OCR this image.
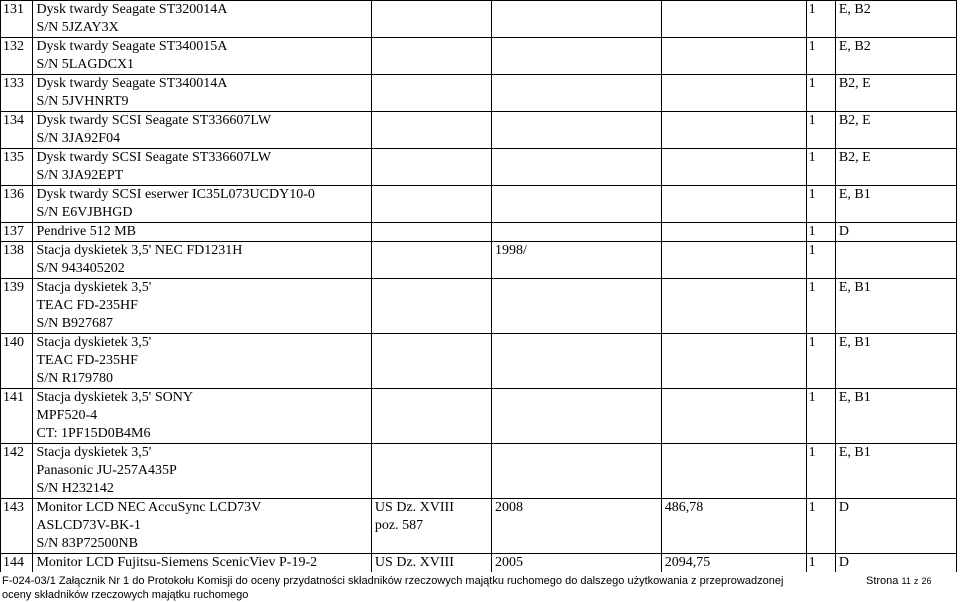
131	Dysk twardy Seagate ST320014A
S/N 5JZAY3X				1	E, B2
132	Dysk twardy Seagate ST340015A
S/N 5LAGDCX1				1	E, B2
133	Dysk twardy Seagate ST340014A
S/N 5JVHNRT9				1	B2, E
134	Dysk twardy SCSI Seagate ST336607LW
S/N 3JA92F04				1	B2, E
135	Dysk twardy SCSI Seagate ST336607LW
S/N 3JA92EPT				1	B2, E
136	Dysk twardy SCSI eserwer IC35L073UCDY10-0
S/N E6VJBHGD				1	E, B1
137	Pendrive 512 MB				1	D
138	Stacja dyskietek 3,5' NEC FD1231H
S/N 943405202		1998/		1	
139	Stacja dyskietek 3,5'
TEAC FD-235HF
S/N B927687				1	E, B1
140	Stacja dyskietek 3,5'
TEAC FD-235HF
S/N R179780				1	E, B1
141	Stacja dyskietek 3,5' SONY
MPF520-4
CT: 1PF15D0B4M6				1	E, B1
142	Stacja dyskietek 3,5'
Panasonic JU-257A435P
S/N H232142				1	E, B1
143	Monitor LCD NEC AccuSync LCD73V
ASLCD73V-BK-1
S/N 83P72500NB	US Dz. XVIII
poz. 587	2008	486,78	1	D
144	Monitor LCD Fujitsu-Siemens ScenicViev P-19-2	US Dz. XVIII	2005	2094,75	1	D
F-024-03/1 Załącznik Nr 1 do Protokołu Komisji do oceny przydatności składników rzeczowych majątku ruchomego do dalszego użytkowania z przeprowadzonej oceny składników rzeczowych majątku ruchomego
Strona 11 z 26
